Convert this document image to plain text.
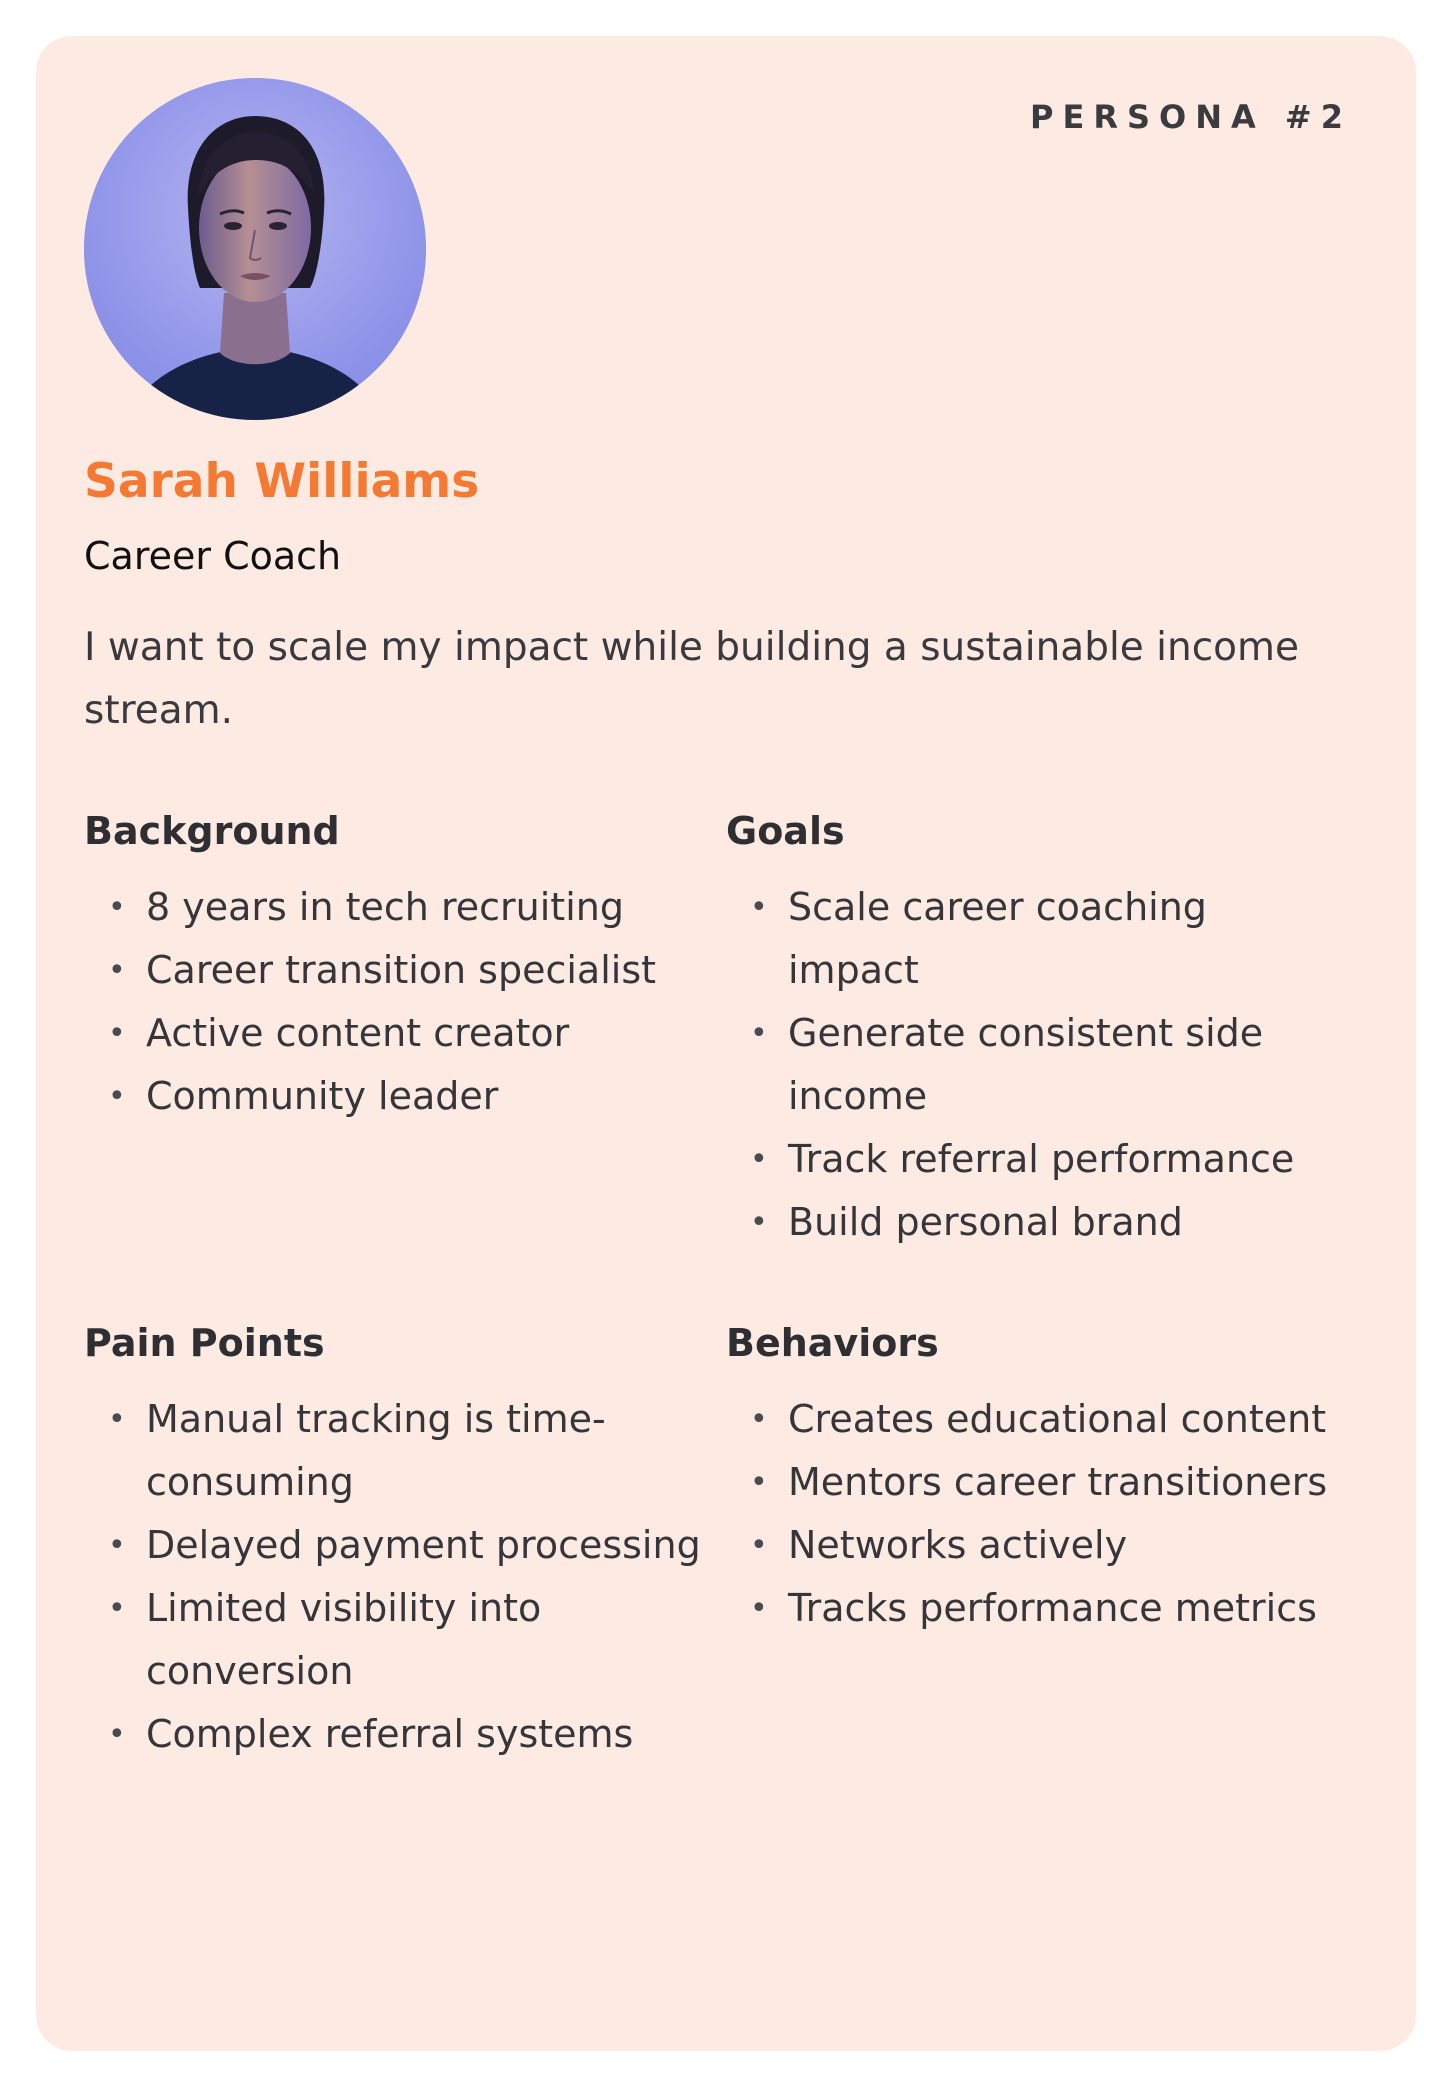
PERSONA #2
Sarah Williams
Career Coach
I want to scale my impact while building a sustainable income stream.
Background
• 8 years in tech recruiting
• Career transition specialist
• Active content creator
• Community leader
Goals
• Scale career coaching impact
• Generate consistent side income
• Track referral performance
• Build personal brand
Pain Points
• Manual tracking is time-consuming
• Delayed payment processing
• Limited visibility into conversion
• Complex referral systems
Behaviors
• Creates educational content
• Mentors career transitioners
• Networks actively
• Tracks performance metrics
